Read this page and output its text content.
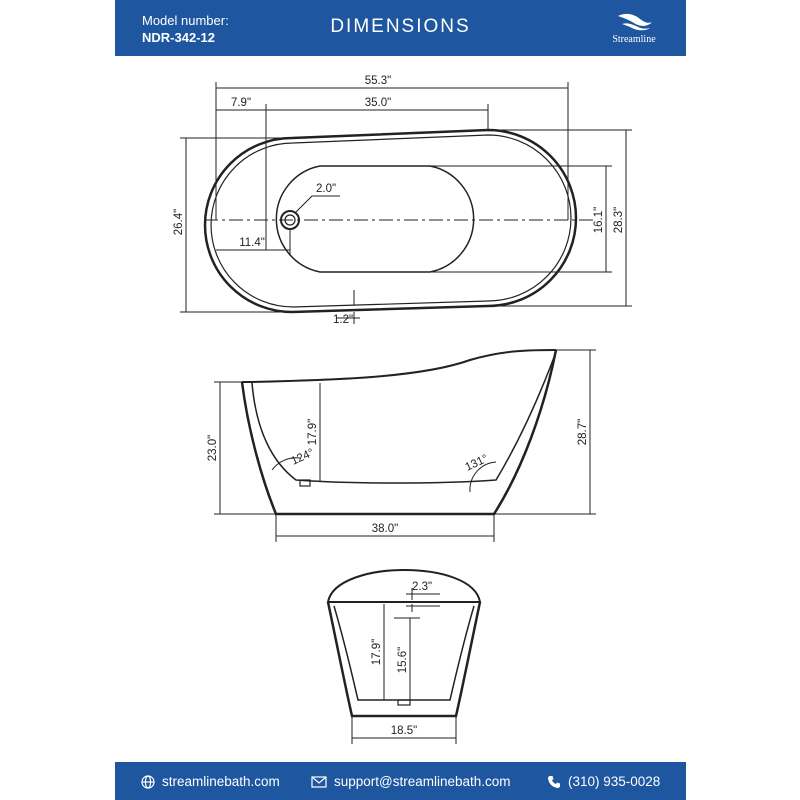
Model number:
NDR-342-12
DIMENSIONS
Streamline
55.3"
7.9"	35.0"
2.0"
11.4"
26.4"	16.1" 28.3"
1.2"
28.7"
23.0"
17.9"
124°	131°
38.0"
2.3"
17.9" 15.6"
18.5"
streamlinebath.com	support@streamlinebath.com	(310) 935-0028
